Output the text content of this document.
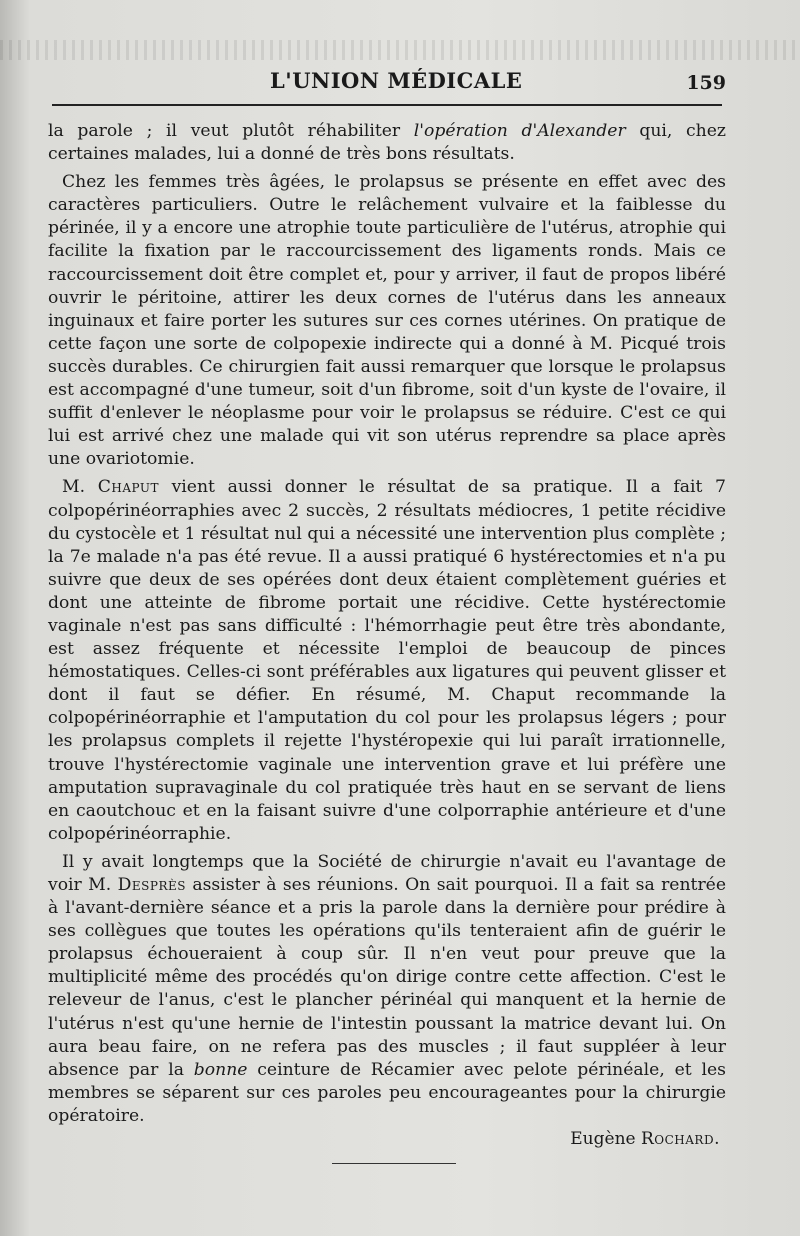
L'UNION MÉDICALE	159

la parole ; il veut plutôt réhabiliter l'opération d'Alexander qui, chez certaines malades, lui a donné de très bons résultats.

Chez les femmes très âgées, le prolapsus se présente en effet avec des caractères particuliers. Outre le relâchement vulvaire et la faiblesse du périnée, il y a encore une atrophie toute particulière de l'utérus, atrophie qui facilite la fixation par le raccourcissement des ligaments ronds. Mais ce raccourcissement doit être complet et, pour y arriver, il faut de propos libéré ouvrir le péritoine, attirer les deux cornes de l'utérus dans les anneaux inguinaux et faire porter les sutures sur ces cornes utérines. On pratique de cette façon une sorte de colpopexie indirecte qui a donné à M. Picqué trois succès durables. Ce chirurgien fait aussi remarquer que lorsque le prolapsus est accompagné d'une tumeur, soit d'un fibrome, soit d'un kyste de l'ovaire, il suffit d'enlever le néoplasme pour voir le prolapsus se réduire. C'est ce qui lui est arrivé chez une malade qui vit son utérus reprendre sa place après une ovariotomie.

M. Chaput vient aussi donner le résultat de sa pratique. Il a fait 7 colpopérinéorraphies avec 2 succès, 2 résultats médiocres, 1 petite récidive du cystocèle et 1 résultat nul qui a nécessité une intervention plus complète ; la 7e malade n'a pas été revue. Il a aussi pratiqué 6 hystérectomies et n'a pu suivre que deux de ses opérées dont deux étaient complètement guéries et dont une atteinte de fibrome portait une récidive. Cette hystérectomie vaginale n'est pas sans difficulté : l'hémorrhagie peut être très abondante, est assez fréquente et nécessite l'emploi de beaucoup de pinces hémostatiques. Celles-ci sont préférables aux ligatures qui peuvent glisser et dont il faut se défier. En résumé, M. Chaput recommande la colpopérinéorraphie et l'amputation du col pour les prolapsus légers ; pour les prolapsus complets il rejette l'hystéropexie qui lui paraît irrationnelle, trouve l'hystérectomie vaginale une intervention grave et lui préfère une amputation supravaginale du col pratiquée très haut en se servant de liens en caoutchouc et en la faisant suivre d'une colporraphie antérieure et d'une colpopérinéorraphie.

Il y avait longtemps que la Société de chirurgie n'avait eu l'avantage de voir M. Desprès assister à ses réunions. On sait pourquoi. Il a fait sa rentrée à l'avant-dernière séance et a pris la parole dans la dernière pour prédire à ses collègues que toutes les opérations qu'ils tenteraient afin de guérir le prolapsus échoueraient à coup sûr. Il n'en veut pour preuve que la multiplicité même des procédés qu'on dirige contre cette affection. C'est le releveur de l'anus, c'est le plancher périnéal qui manquent et la hernie de l'utérus n'est qu'une hernie de l'intestin poussant la matrice devant lui. On aura beau faire, on ne refera pas des muscles ; il faut suppléer à leur absence par la bonne ceinture de Récamier avec pelote périnéale, et les membres se séparent sur ces paroles peu encourageantes pour la chirurgie opératoire.

Eugène Rochard.
